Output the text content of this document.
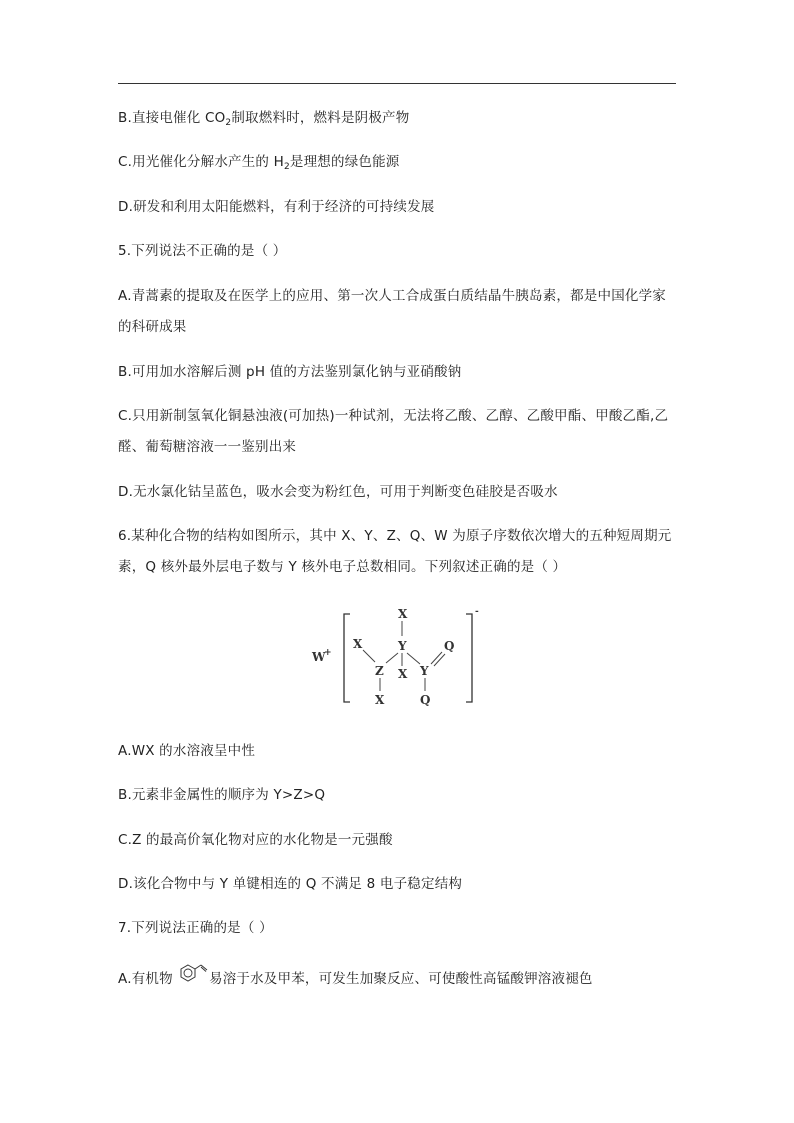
B.直接电催化 $CO_2$制取燃料时，燃料是阴极产物
C.用光催化分解水产生的 $H_2$是理想的绿色能源
D.研发和利用太阳能燃料，有利于经济的可持续发展
5.下列说法不正确的是（ ）
A.青蒿素的提取及在医学上的应用、第一次人工合成蛋白质结晶牛胰岛素，都是中国化学家
的科研成果
B.可用加水溶解后测 pH 值的方法鉴别氯化钠与亚硝酸钠
C.只用新制氢氧化铜悬浊液(可加热)一种试剂，无法将乙酸、乙醇、乙酸甲酯、甲酸乙酯,乙
醛、葡萄糖溶液一一鉴别出来
D.无水氯化钴呈蓝色，吸水会变为粉红色，可用于判断变色硅胶是否吸水
6.某种化合物的结构如图所示，其中 X、Y、Z、Q、W 为原子序数依次增大的五种短周期元
素，Q 核外最外层电子数与 Y 核外电子总数相同。下列叙述正确的是（ ）
W
+
-
X
X	Y
X
Z
X
Y
Q
Q
A.WX 的水溶液呈中性
B.元素非金属性的顺序为 Y>Z>Q
C.Z 的最高价氧化物对应的水化物是一元强酸
D.该化合物中与 Y 单键相连的 Q 不满足 8 电子稳定结构
7.下列说法正确的是（ ）
A.有机物	易溶于水及甲苯，可发生加聚反应、可使酸性高锰酸钾溶液褪色
